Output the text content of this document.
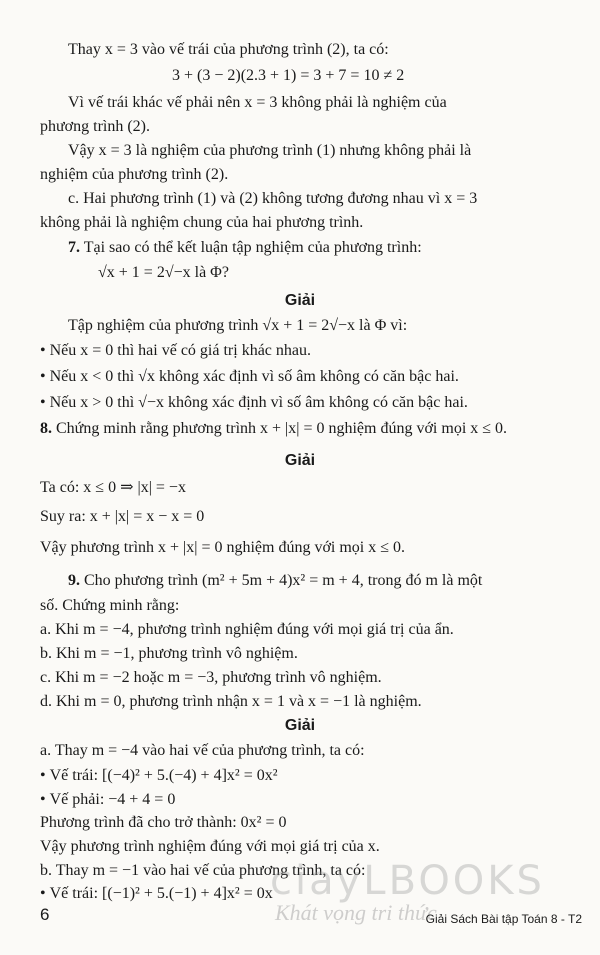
Thay x = 3 vào vế trái của phương trình (2), ta có:
3 + (3 − 2)(2.3 + 1) = 3 + 7 = 10 ≠ 2
Vì vế trái khác vế phải nên x = 3 không phải là nghiệm của
phương trình (2).
Vậy x = 3 là nghiệm của phương trình (1) nhưng không phải là
nghiệm của phương trình (2).
c. Hai phương trình (1) và (2) không tương đương nhau vì x = 3
không phải là nghiệm chung của hai phương trình.
7. Tại sao có thể kết luận tập nghiệm của phương trình:
√x + 1 = 2√−x là Φ?
Giải
Tập nghiệm của phương trình √x + 1 = 2√−x là Φ vì:
• Nếu x = 0 thì hai vế có giá trị khác nhau.
• Nếu x < 0 thì √x không xác định vì số âm không có căn bậc hai.
• Nếu x > 0 thì √−x không xác định vì số âm không có căn bậc hai.
8. Chứng minh rằng phương trình x + |x| = 0 nghiệm đúng với mọi x ≤ 0.
Giải
Ta có: x ≤ 0 ⇒ |x| = −x
Suy ra: x + |x| = x − x = 0
Vậy phương trình x + |x| = 0 nghiệm đúng với mọi x ≤ 0.
9. Cho phương trình (m² + 5m + 4)x² = m + 4, trong đó m là một
số. Chứng minh rằng:
a. Khi m = −4, phương trình nghiệm đúng với mọi giá trị của ẩn.
b. Khi m = −1, phương trình vô nghiệm.
c. Khi m = −2 hoặc m = −3, phương trình vô nghiệm.
d. Khi m = 0, phương trình nhận x = 1 và x = −1 là nghiệm.
Giải
a. Thay m = −4 vào hai vế của phương trình, ta có:
• Vế trái: [(−4)² + 5.(−4) + 4]x² = 0x²
• Vế phải: −4 + 4 = 0
Phương trình đã cho trở thành: 0x² = 0
Vậy phương trình nghiệm đúng với mọi giá trị của x.
b. Thay m = −1 vào hai vế của phương trình, ta có:
• Vế trái: [(−1)² + 5.(−1) + 4]x² = 0x
ciayLBOOKS
Khát vọng tri thức
6	Giải Sách Bài tập Toán 8 - T2
